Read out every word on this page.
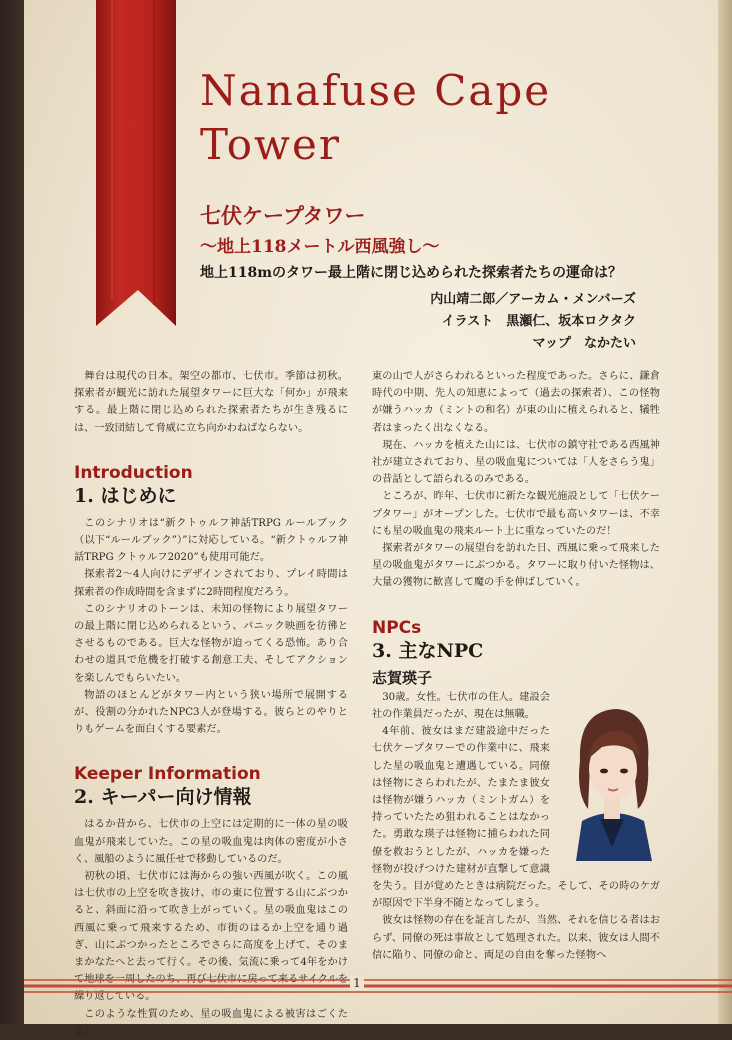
Nanafuse Cape Tower
七伏ケープタワー
〜地上118メートル西風強し〜

地上118mのタワー最上階に閉じ込められた探索者たちの運命は？

内山靖二郎／アーカム・メンバーズ

イラスト　黒瀬仁、坂本ロクタク

マップ　なかたい

舞台は現代の日本。架空の都市、七伏市。季節は初秋。探索者が観光に訪れた展望タワーに巨大な「何か」が飛来する。最上階に閉じ込められた探索者たちが生き残るには、一致団結して脅威に立ち向かわねばならない。

Introduction
1. はじめに

このシナリオは“新クトゥルフ神話TRPG ルールブック（以下“ルールブック”）”に対応している。“新クトゥルフ神話TRPG クトゥルフ2020”も使用可能だ。

探索者2〜4人向けにデザインされており、プレイ時間は探索者の作成時間を含まずに2時間程度だろう。

このシナリオのトーンは、未知の怪物により展望タワーの最上階に閉じ込められるという、パニック映画を彷彿とさせるものである。巨大な怪物が迫ってくる恐怖。あり合わせの道具で危機を打破する創意工夫、そしてアクションを楽しんでもらいたい。

物語のほとんどがタワー内という狭い場所で展開するが、役割の分かれたNPC3人が登場する。彼らとのやりとりもゲームを面白くする要素だ。

Keeper Information
2. キーパー向け情報

はるか昔から、七伏市の上空には定期的に一体の星の吸血鬼が飛来していた。この星の吸血鬼は肉体の密度が小さく、風船のように風任せで移動しているのだ。

初秋の頃、七伏市には海からの強い西風が吹く。この風は七伏市の上空を吹き抜け、市の東に位置する山にぶつかると、斜面に沿って吹き上がっていく。星の吸血鬼はこの西風に乗って飛来するため、市街のはるか上空を通り過ぎ、山にぶつかったところでさらに高度を上げて、そのままかなたへと去って行く。その後、気流に乗って4年をかけて地球を一周したのち、再び七伏市に戻って来るサイクルを繰り返している。

このような性質のため、星の吸血鬼による被害はごくたまに

東の山で人がさらわれるといった程度であった。さらに、鎌倉時代の中期、先人の知恵によって（過去の探索者）、この怪物が嫌うハッカ（ミントの和名）が東の山に植えられると、犠牲者はまったく出なくなる。

現在、ハッカを植えた山には、七伏市の鎮守社である西風神社が建立されており、星の吸血鬼については「人をさらう鬼」の昔話として語られるのみである。

ところが、昨年、七伏市に新たな観光施設として「七伏ケープタワー」がオープンした。七伏市で最も高いタワーは、不幸にも星の吸血鬼の飛来ルート上に重なっていたのだ！

探索者がタワーの展望台を訪れた日、西風に乗って飛来した星の吸血鬼がタワーにぶつかる。タワーに取り付いた怪物は、大量の獲物に歓喜して魔の手を伸ばしていく。

NPCs
3. 主なNPC
志賀瑛子

30歳。女性。七伏市の住人。建設会社の作業員だったが、現在は無職。

4年前、彼女はまだ建設途中だった七伏ケープタワーでの作業中に、飛来した星の吸血鬼と遭遇している。同僚は怪物にさらわれたが、たまたま彼女は怪物が嫌うハッカ（ミントガム）を持っていたため狙われることはなかった。勇敢な瑛子は怪物に捕らわれた同僚を救おうとしたが、ハッカを嫌った怪物が投げつけた建材が直撃して意識を失う。目が覚めたときは病院だった。そして、その時のケガが原因で下半身不随となってしまう。

彼女は怪物の存在を証言したが、当然、それを信じる者はおらず、同僚の死は事故として処理された。以来、彼女は人間不信に陥り、同僚の命と、両足の自由を奪った怪物へ

1
